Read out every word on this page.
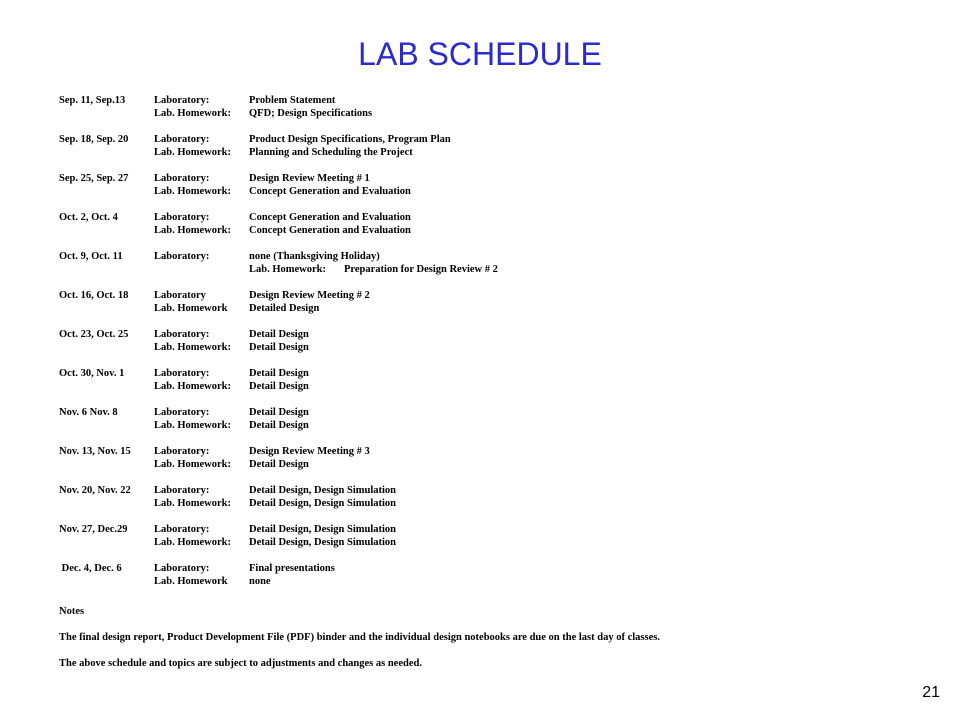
LAB SCHEDULE
Sep. 11, Sep.13	Laboratory:	Problem Statement
Lab. Homework:	QFD; Design Specifications
Sep. 18, Sep. 20	Laboratory:	Product Design Specifications, Program Plan
Lab. Homework:	Planning and Scheduling the Project
Sep. 25, Sep. 27	Laboratory:	Design Review Meeting # 1
Lab. Homework:	Concept Generation and Evaluation
Oct. 2, Oct. 4	Laboratory:	Concept Generation and Evaluation
Lab. Homework:	Concept Generation and Evaluation
Oct. 9, Oct. 11	Laboratory:	none (Thanksgiving Holiday)
Lab. Homework: Preparation for Design Review # 2
Oct. 16, Oct. 18	Laboratory	Design Review Meeting # 2
Lab. Homework	Detailed Design
Oct. 23, Oct. 25	Laboratory:	Detail Design
Lab. Homework:	Detail Design
Oct. 30, Nov. 1	Laboratory:	Detail Design
Lab. Homework:	Detail Design
Nov. 6 Nov. 8	Laboratory:	Detail Design
Lab. Homework:	Detail Design
Nov. 13, Nov. 15	Laboratory:	Design Review Meeting # 3
Lab. Homework:	Detail Design
Nov. 20, Nov. 22	Laboratory:	Detail Design, Design Simulation
Lab. Homework:	Detail Design, Design Simulation
Nov. 27, Dec.29	Laboratory:	Detail Design, Design Simulation
Lab. Homework:	Detail Design, Design Simulation
Dec. 4, Dec. 6	Laboratory:	Final presentations
Lab. Homework	none
Notes
The final design report, Product Development File (PDF) binder and the individual design notebooks are due on the last day of classes.
The above schedule and topics are subject to adjustments and changes as needed.
21
